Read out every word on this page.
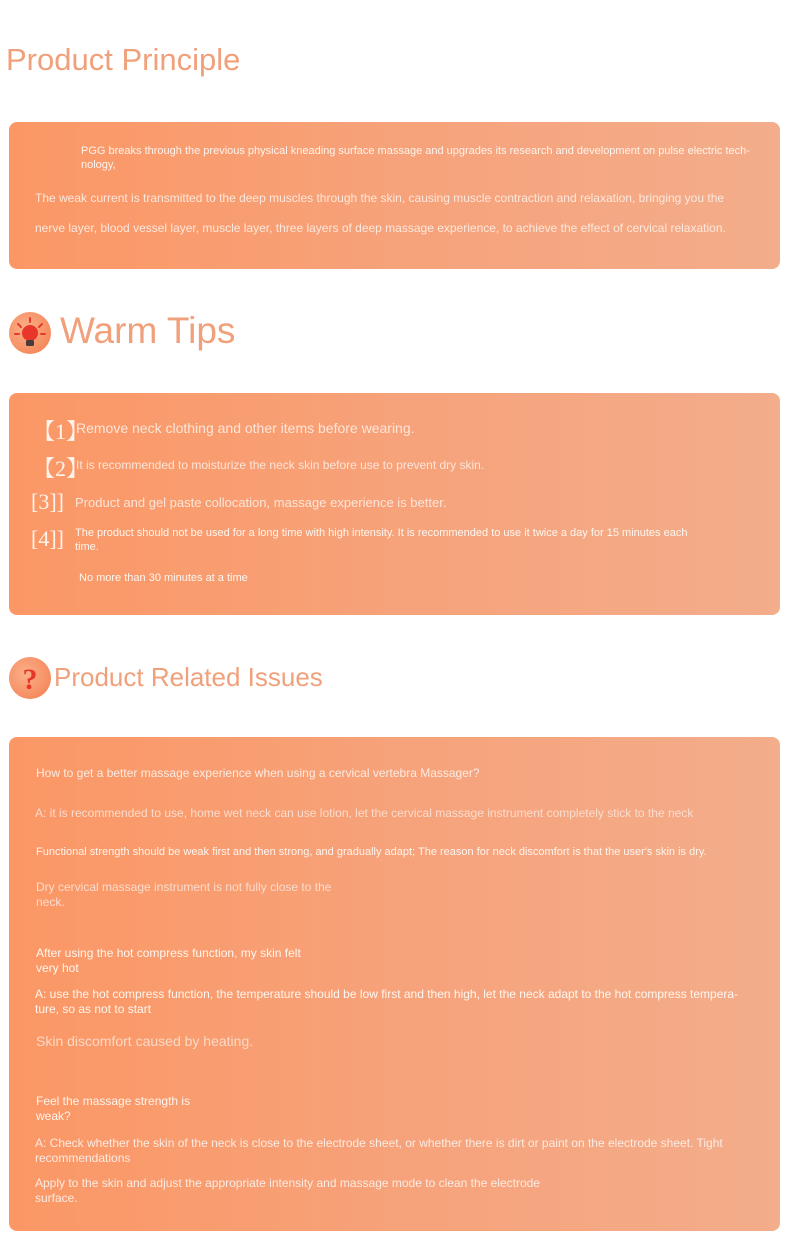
Product Principle

PGG breaks through the previous physical kneading surface massage and upgrades its research and development on pulse electric tech-nology,

The weak current is transmitted to the deep muscles through the skin, causing muscle contraction and relaxation, bringing you the

nerve layer, blood vessel layer, muscle layer, three layers of deep massage experience, to achieve the effect of cervical relaxation.

Warm Tips
【1】
Remove neck clothing and other items before wearing.
【2】
It is recommended to moisturize the neck skin before use to prevent dry skin.
[3]] Product and gel paste collocation, massage experience is better.
[4]] The product should not be used for a long time with high intensity. It is recommended to use it twice a day for 15 minutes each time.

No more than 30 minutes at a time

? Product Related Issues

How to get a better massage experience when using a cervical vertebra Massager?

A: it is recommended to use, home wet neck can use lotion, let the cervical massage instrument completely stick to the neck

Functional strength should be weak first and then strong, and gradually adapt; The reason for neck discomfort is that the user's skin is dry.

Dry cervical massage instrument is not fully close to the neck.

After using the hot compress function, my skin felt very hot

A: use the hot compress function, the temperature should be low first and then high, let the neck adapt to the hot compress tempera-ture, so as not to start

Skin discomfort caused by heating.

Feel the massage strength is weak?

A: Check whether the skin of the neck is close to the electrode sheet, or whether there is dirt or paint on the electrode sheet. Tight recommendations

Apply to the skin and adjust the appropriate intensity and massage mode to clean the electrode surface.
